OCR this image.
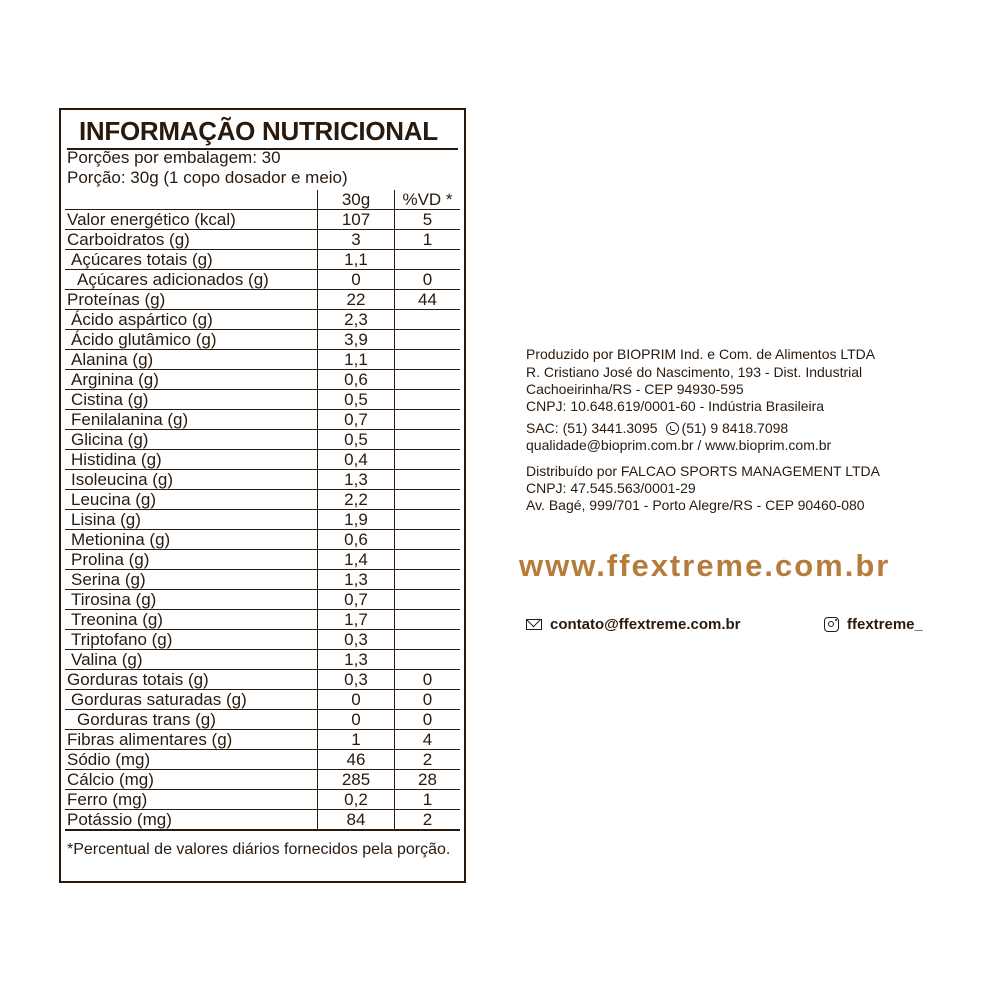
INFORMAÇÃO NUTRICIONAL
Porções por embalagem: 30
Porção: 30g (1 copo dosador e meio)
	30g	%VD *
Valor energético (kcal)	107	5
Carboidratos (g)	3	1
Açúcares totais (g)	1,1	
Açúcares adicionados (g)	0	0
Proteínas (g)	22	44
Ácido aspártico (g)	2,3	
Ácido glutâmico (g)	3,9	
Alanina (g)	1,1	
Arginina (g)	0,6	
Cistina (g)	0,5	
Fenilalanina (g)	0,7	
Glicina (g)	0,5	
Histidina (g)	0,4	
Isoleucina (g)	1,3	
Leucina (g)	2,2	
Lisina (g)	1,9	
Metionina (g)	0,6	
Prolina (g)	1,4	
Serina (g)	1,3	
Tirosina (g)	0,7	
Treonina (g)	1,7	
Triptofano (g)	0,3	
Valina (g)	1,3	
Gorduras totais (g)	0,3	0
Gorduras saturadas (g)	0	0
Gorduras trans (g)	0	0
Fibras alimentares (g)	1	4
Sódio (mg)	46	2
Cálcio (mg)	285	28
Ferro (mg)	0,2	1
Potássio (mg)	84	2
*Percentual de valores diários fornecidos pela porção.
Produzido por BIOPRIM Ind. e Com. de Alimentos LTDA
R. Cristiano José do Nascimento, 193 - Dist. Industrial
Cachoeirinha/RS - CEP 94930-595
CNPJ: 10.648.619/0001-60 - Indústria Brasileira
SAC: (51) 3441.3095 (51) 9 8418.7098
qualidade@bioprim.com.br / www.bioprim.com.br
Distribuído por FALCAO SPORTS MANAGEMENT LTDA
CNPJ: 47.545.563/0001-29
Av. Bagé, 999/701 - Porto Alegre/RS - CEP 90460-080
www.ffextreme.com.br
contato@ffextreme.com.br	ffextreme_
